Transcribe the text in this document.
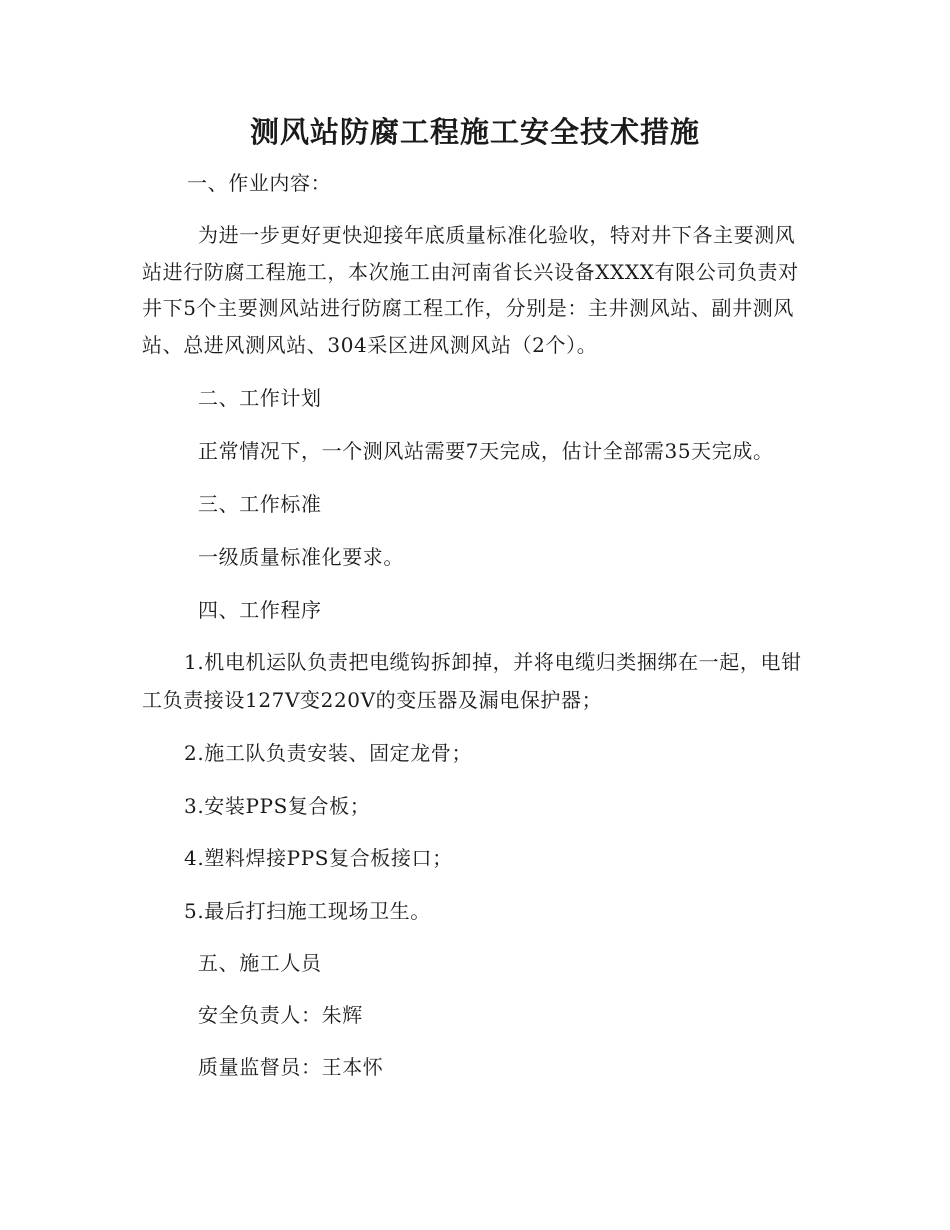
测风站防腐工程施工安全技术措施
一、作业内容：
为进一步更好更快迎接年底质量标准化验收，特对井下各主要测风站进行防腐工程施工，本次施工由河南省长兴设备XXXX有限公司负责对井下5个主要测风站进行防腐工程工作，分别是：主井测风站、副井测风站、总进风测风站、304采区进风测风站（2个）。
二、工作计划
正常情况下，一个测风站需要7天完成，估计全部需35天完成。
三、工作标准
一级质量标准化要求。
四、工作程序
1.机电机运队负责把电缆钩拆卸掉，并将电缆归类捆绑在一起，电钳工负责接设127V变220V的变压器及漏电保护器；
2.施工队负责安装、固定龙骨；
3.安装PPS复合板；
4.塑料焊接PPS复合板接口；
5.最后打扫施工现场卫生。
五、施工人员
安全负责人：朱辉
质量监督员：王本怀
